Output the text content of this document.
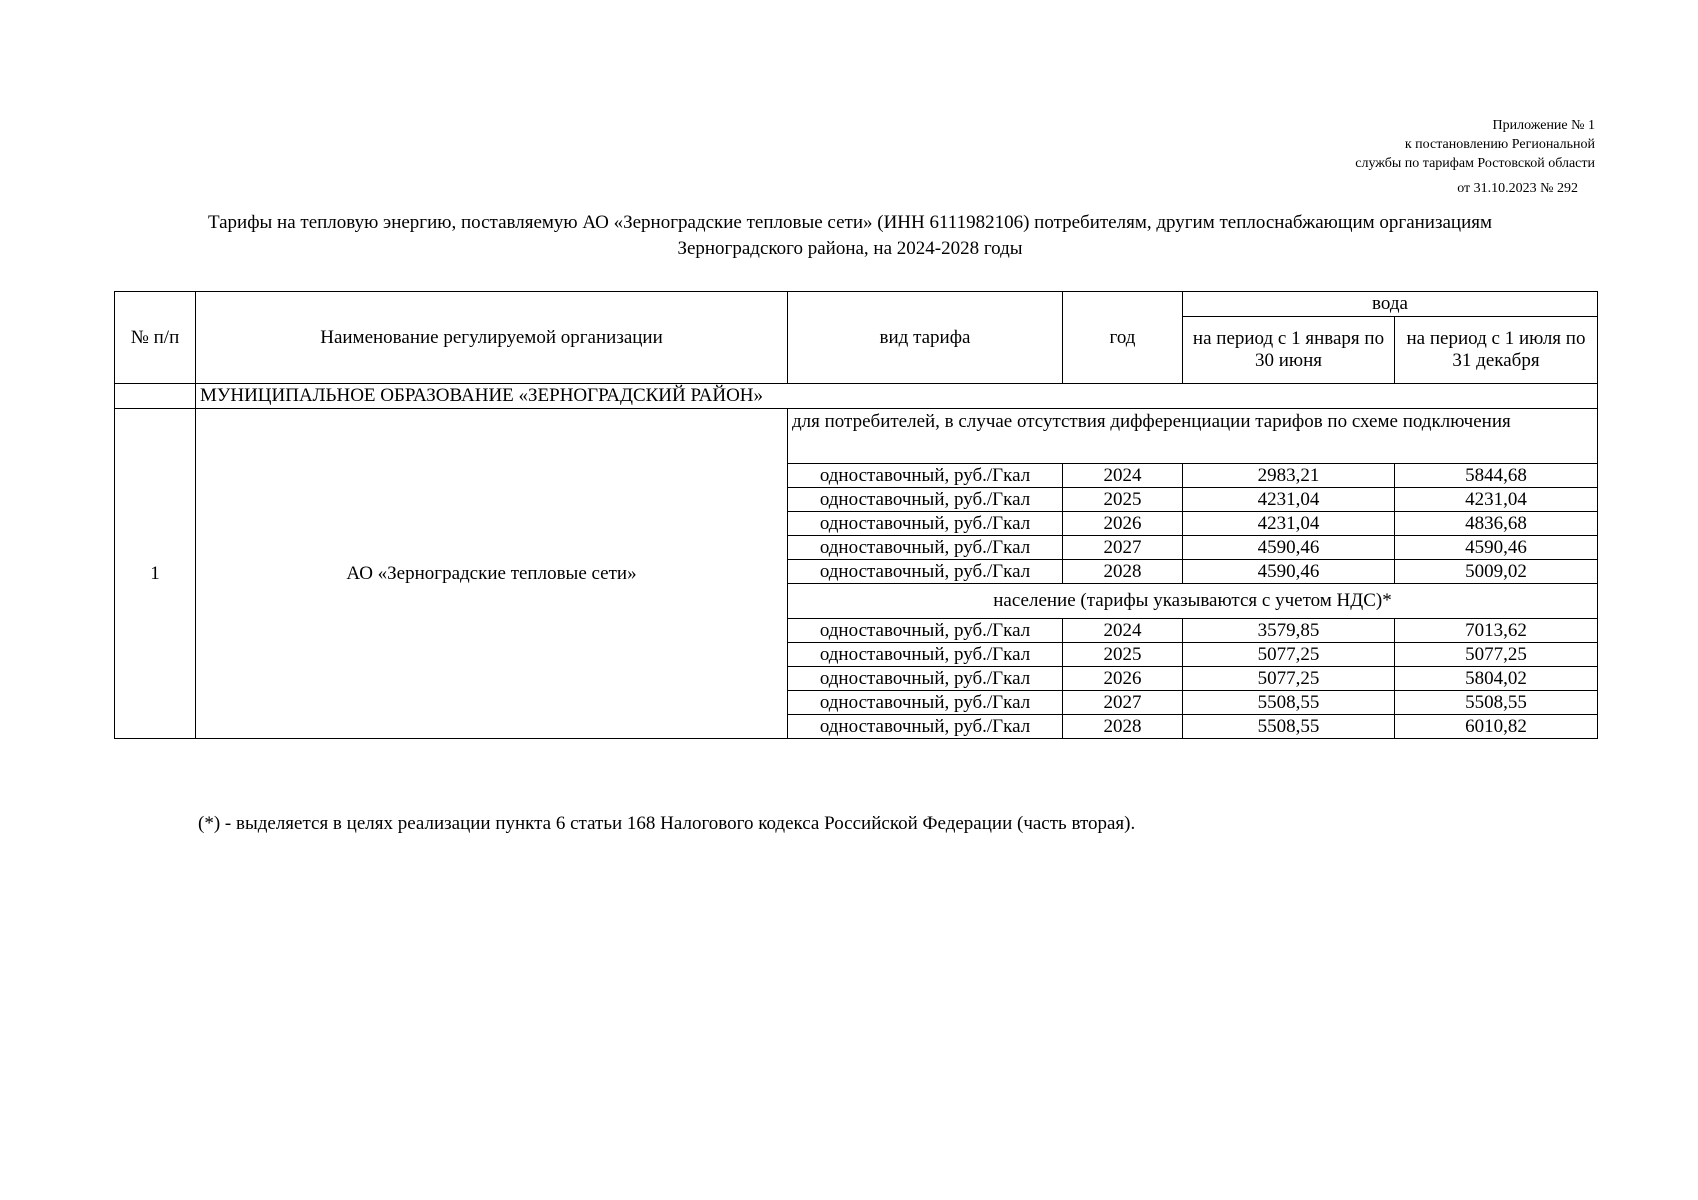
Приложение № 1
к постановлению Региональной
службы по тарифам Ростовской области
от 31.10.2023 № 292
Тарифы на тепловую энергию, поставляемую АО «Зерноградские тепловые сети» (ИНН 6111982106) потребителям, другим теплоснабжающим организациям
Зерноградского района, на 2024-2028 годы
№ п/п	Наименование регулируемой организации	вид тарифа	год	вода	
				на период с 1 января по 30 июня	на период с 1 июля по 31 декабря
	МУНИЦИПАЛЬНОЕ ОБРАЗОВАНИЕ «ЗЕРНОГРАДСКИЙ РАЙОН»				
1	АО «Зерноградские тепловые сети»	для потребителей, в случае отсутствия дифференциации тарифов по схеме подключения			
		одноставочный, руб./Гкал	2024	2983,21	5844,68
		одноставочный, руб./Гкал	2025	4231,04	4231,04
		одноставочный, руб./Гкал	2026	4231,04	4836,68
		одноставочный, руб./Гкал	2027	4590,46	4590,46
		одноставочный, руб./Гкал	2028	4590,46	5009,02
		население (тарифы указываются с учетом НДС)*			
		одноставочный, руб./Гкал	2024	3579,85	7013,62
		одноставочный, руб./Гкал	2025	5077,25	5077,25
		одноставочный, руб./Гкал	2026	5077,25	5804,02
		одноставочный, руб./Гкал	2027	5508,55	5508,55
		одноставочный, руб./Гкал	2028	5508,55	6010,82
(*) - выделяется в целях реализации пункта 6 статьи 168 Налогового кодекса Российской Федерации (часть вторая).
